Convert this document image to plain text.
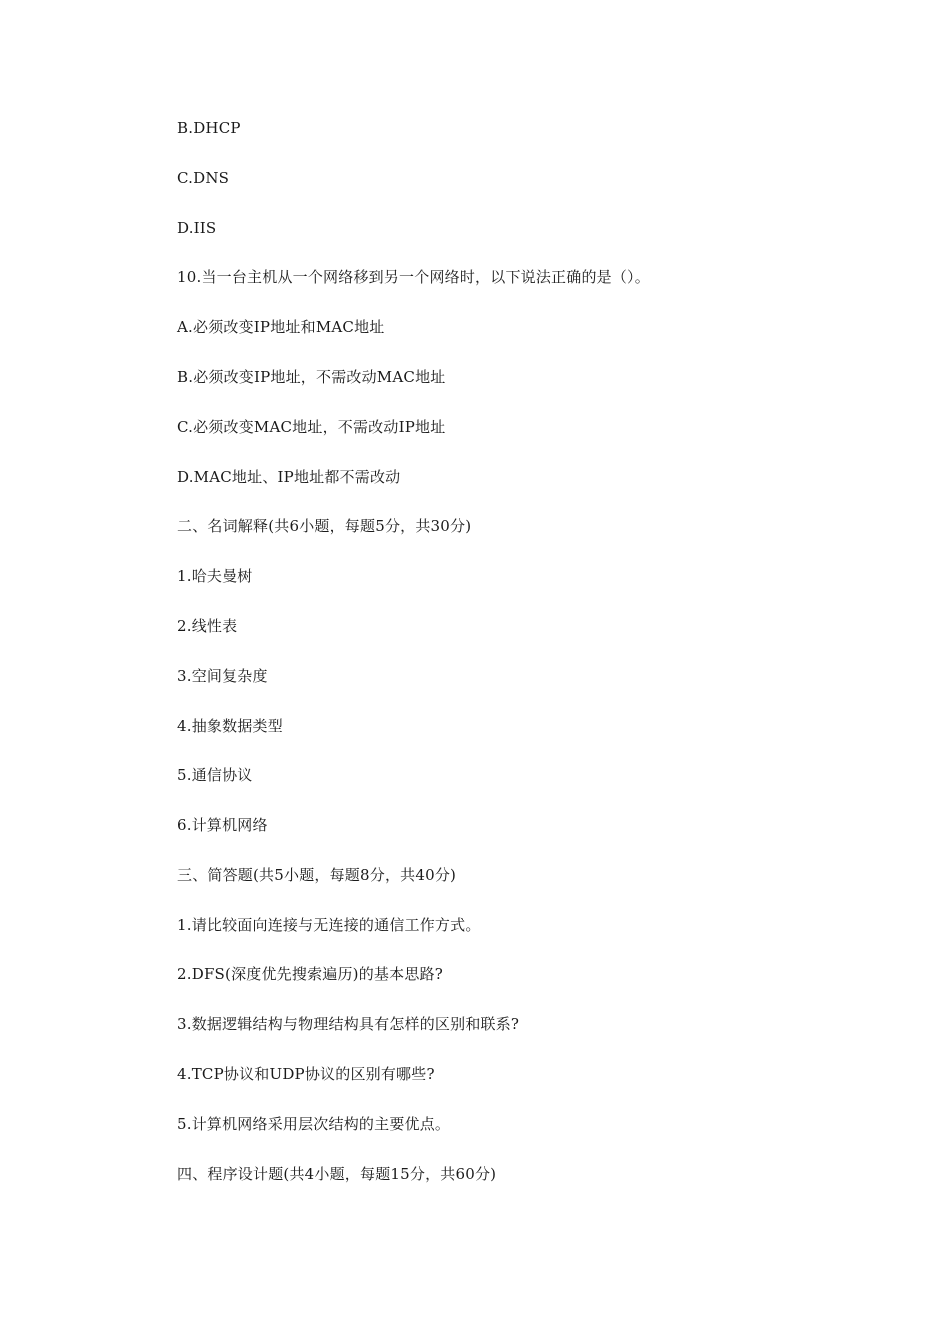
B.DHCP

C.DNS

D.IIS

10.当一台主机从一个网络移到另一个网络时，以下说法正确的是（）。

A.必须改变IP地址和MAC地址

B.必须改变IP地址，不需改动MAC地址

C.必须改变MAC地址，不需改动IP地址

D.MAC地址、IP地址都不需改动

二、名词解释(共6小题，每题5分，共30分)

1.哈夫曼树

2.线性表

3.空间复杂度

4.抽象数据类型

5.通信协议

6.计算机网络

三、简答题(共5小题，每题8分，共40分)

1.请比较面向连接与无连接的通信工作方式。

2.DFS(深度优先搜索遍历)的基本思路?

3.数据逻辑结构与物理结构具有怎样的区别和联系?

4.TCP协议和UDP协议的区别有哪些?

5.计算机网络采用层次结构的主要优点。

四、程序设计题(共4小题，每题15分，共60分)
